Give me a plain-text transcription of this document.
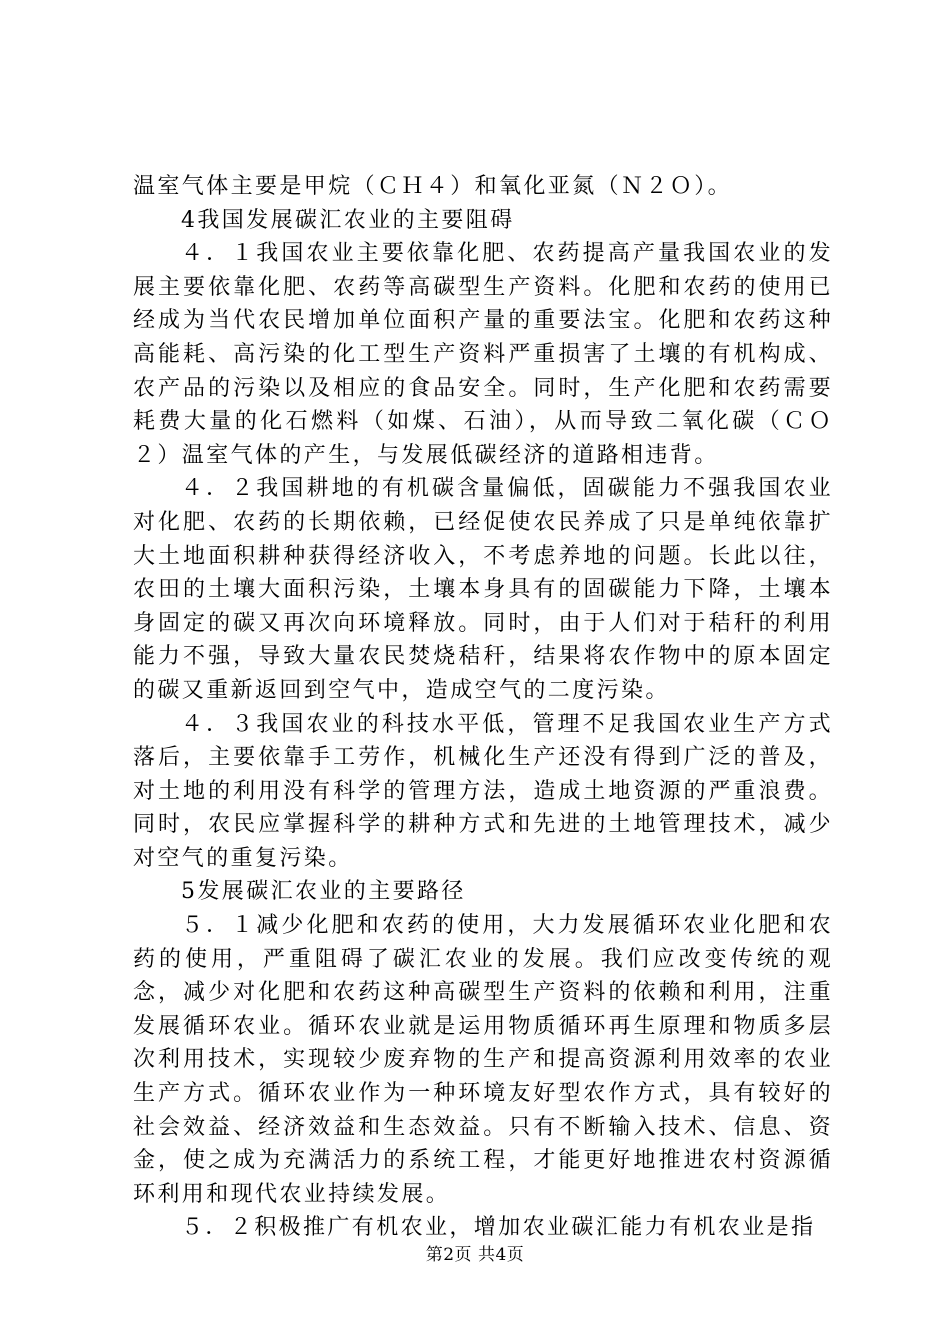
温室气体主要是甲烷（ＣＨ４）和氧化亚氮（Ｎ２Ｏ）。

4我国发展碳汇农业的主要阻碍

４．１我国农业主要依靠化肥、农药提高产量我国农业的发展主要依靠化肥、农药等高碳型生产资料。化肥和农药的使用已经成为当代农民增加单位面积产量的重要法宝。化肥和农药这种高能耗、高污染的化工型生产资料严重损害了土壤的有机构成、农产品的污染以及相应的食品安全。同时，生产化肥和农药需要耗费大量的化石燃料（如煤、石油），从而导致二氧化碳（ＣＯ２）温室气体的产生，与发展低碳经济的道路相违背。

４．２我国耕地的有机碳含量偏低，固碳能力不强我国农业对化肥、农药的长期依赖，已经促使农民养成了只是单纯依靠扩大土地面积耕种获得经济收入，不考虑养地的问题。长此以往，农田的土壤大面积污染，土壤本身具有的固碳能力下降，土壤本身固定的碳又再次向环境释放。同时，由于人们对于秸秆的利用能力不强，导致大量农民焚烧秸秆，结果将农作物中的原本固定的碳又重新返回到空气中，造成空气的二度污染。

４．３我国农业的科技水平低，管理不足我国农业生产方式落后，主要依靠手工劳作，机械化生产还没有得到广泛的普及，对土地的利用没有科学的管理方法，造成土地资源的严重浪费。同时，农民应掌握科学的耕种方式和先进的土地管理技术，减少对空气的重复污染。

5发展碳汇农业的主要路径

５．１减少化肥和农药的使用，大力发展循环农业化肥和农药的使用，严重阻碍了碳汇农业的发展。我们应改变传统的观念，减少对化肥和农药这种高碳型生产资料的依赖和利用，注重发展循环农业。循环农业就是运用物质循环再生原理和物质多层次利用技术，实现较少废弃物的生产和提高资源利用效率的农业生产方式。循环农业作为一种环境友好型农作方式，具有较好的社会效益、经济效益和生态效益。只有不断输入技术、信息、资金，使之成为充满活力的系统工程，才能更好地推进农村资源循环利用和现代农业持续发展。

５．２积极推广有机农业，增加农业碳汇能力有机农业是指

第2页 共4页
